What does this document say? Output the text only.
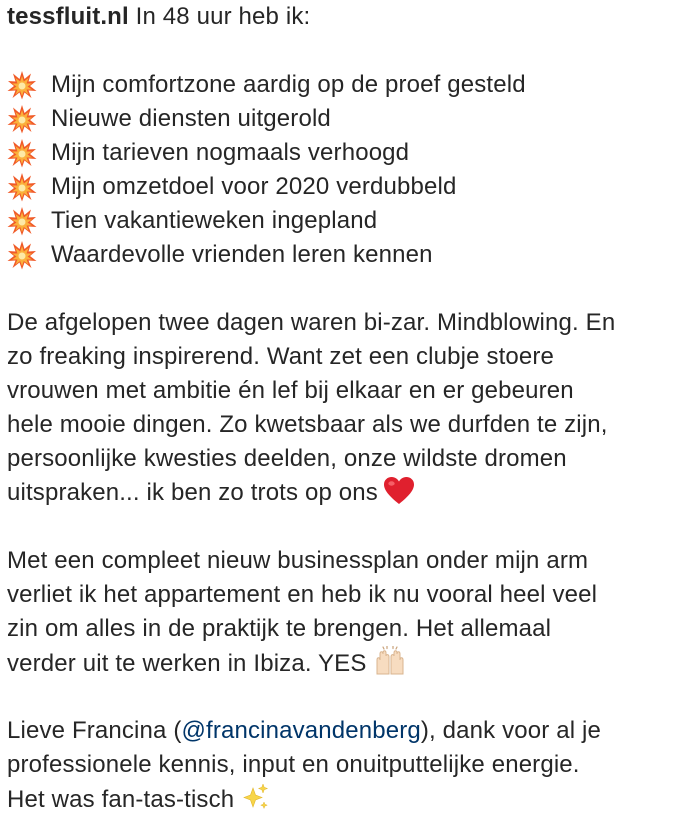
tessfluit.nl In 48 uur heb ik:
Mijn comfortzone aardig op de proef gesteld
Nieuwe diensten uitgerold
Mijn tarieven nogmaals verhoogd
Mijn omzetdoel voor 2020 verdubbeld
Tien vakantieweken ingepland
Waardevolle vrienden leren kennen
De afgelopen twee dagen waren bi-zar. Mindblowing. En
zo freaking inspirerend. Want zet een clubje stoere
vrouwen met ambitie én lef bij elkaar en er gebeuren
hele mooie dingen. Zo kwetsbaar als we durfden te zijn,
persoonlijke kwesties deelden, onze wildste dromen
uitspraken... ik ben zo trots op ons
Met een compleet nieuw businessplan onder mijn arm
verliet ik het appartement en heb ik nu vooral heel veel
zin om alles in de praktijk te brengen. Het allemaal
verder uit te werken in Ibiza. YES
Lieve Francina (@francinavandenberg), dank voor al je
professionele kennis, input en onuitputtelijke energie.
Het was fan-tas-tisch
